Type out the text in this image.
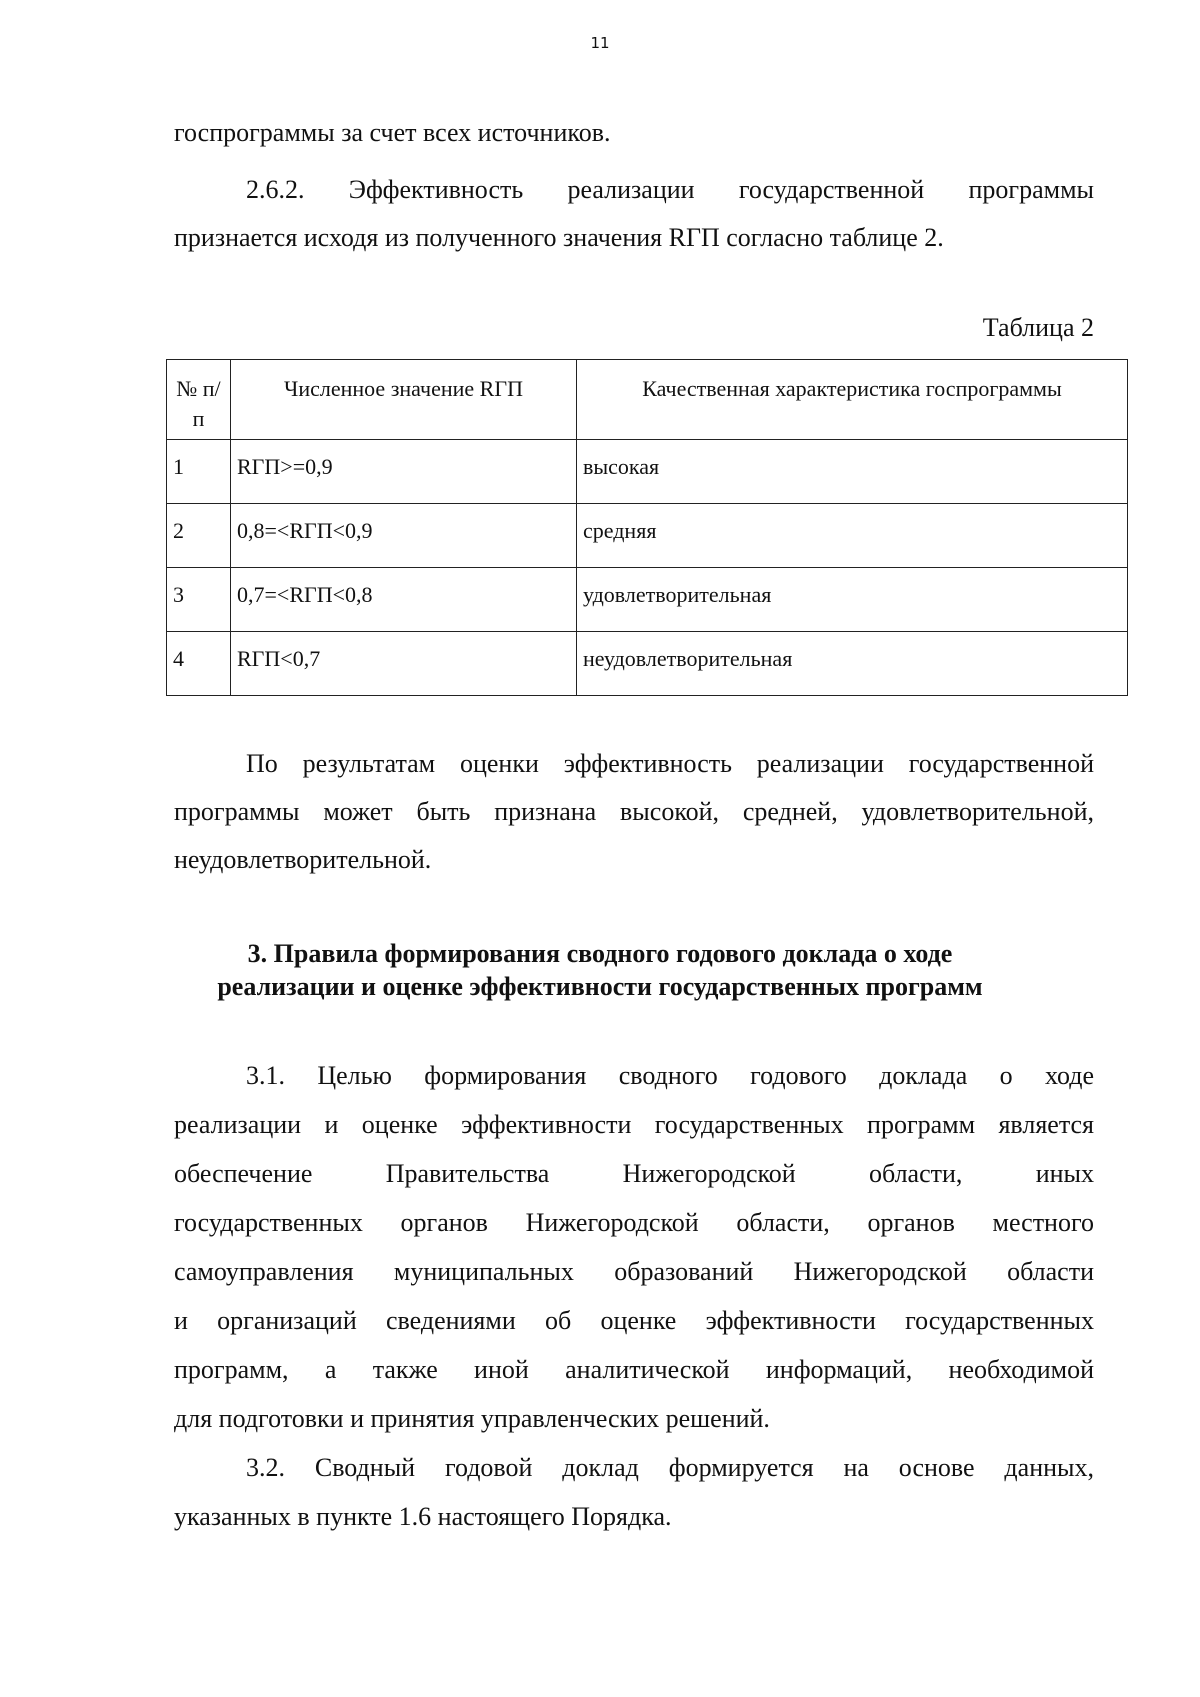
11
госпрограммы за счет всех источников.
2.6.2. Эффективность реализации государственной программы
признается исходя из полученного значения RГП согласно таблице 2.
Таблица 2
№ п/п	Численное значение RГП	Качественная характеристика госпрограммы
1	RГП>=0,9	высокая
2	0,8=<RГП<0,9	средняя
3	0,7=<RГП<0,8	удовлетворительная
4	RГП<0,7	неудовлетворительная
По результатам оценки эффективность реализации государственной
программы может быть признана высокой, средней, удовлетворительной,
неудовлетворительной.
3. Правила формирования сводного годового доклада о ходе
реализации и оценке эффективности государственных программ
3.1. Целью формирования сводного годового доклада о ходе
реализации и оценке эффективности государственных программ является
обеспечение Правительства Нижегородской области, иных
государственных органов Нижегородской области, органов местного
самоуправления муниципальных образований Нижегородской области
и организаций сведениями об оценке эффективности государственных
программ, а также иной аналитической информаций, необходимой
для подготовки и принятия управленческих решений.
3.2. Сводный годовой доклад формируется на основе данных,
указанных в пункте 1.6 настоящего Порядка.
